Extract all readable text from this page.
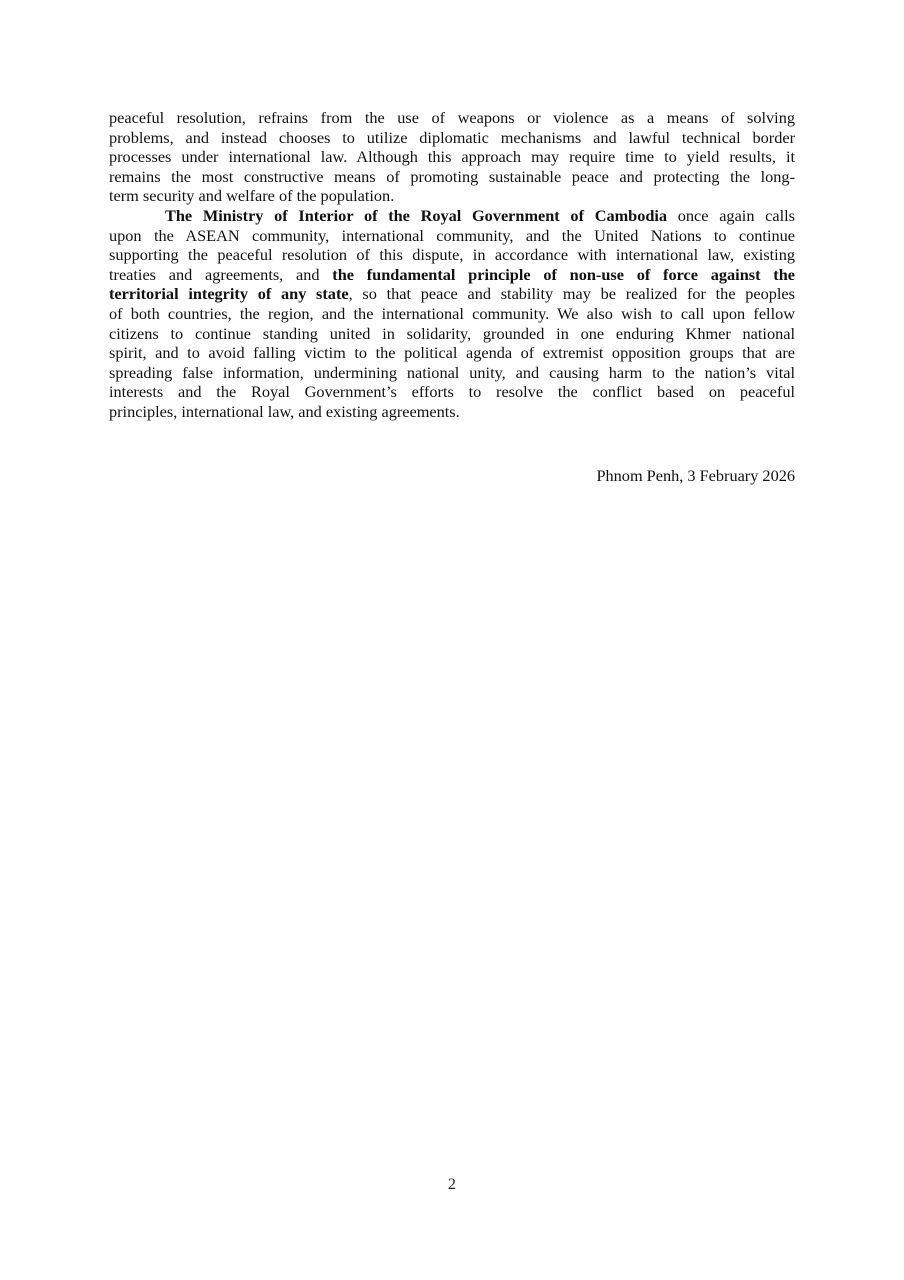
peaceful resolution, refrains from the use of weapons or violence as a means of solving
problems, and instead chooses to utilize diplomatic mechanisms and lawful technical border
processes under international law. Although this approach may require time to yield results, it
remains the most constructive means of promoting sustainable peace and protecting the long-
term security and welfare of the population.
The Ministry of Interior of the Royal Government of Cambodia once again calls
upon the ASEAN community, international community, and the United Nations to continue
supporting the peaceful resolution of this dispute, in accordance with international law, existing
treaties and agreements, and the fundamental principle of non-use of force against the
territorial integrity of any state, so that peace and stability may be realized for the peoples
of both countries, the region, and the international community. We also wish to call upon fellow
citizens to continue standing united in solidarity, grounded in one enduring Khmer national
spirit, and to avoid falling victim to the political agenda of extremist opposition groups that are
spreading false information, undermining national unity, and causing harm to the nation’s vital
interests and the Royal Government’s efforts to resolve the conflict based on peaceful
principles, international law, and existing agreements.
Phnom Penh, 3 February 2026
2
